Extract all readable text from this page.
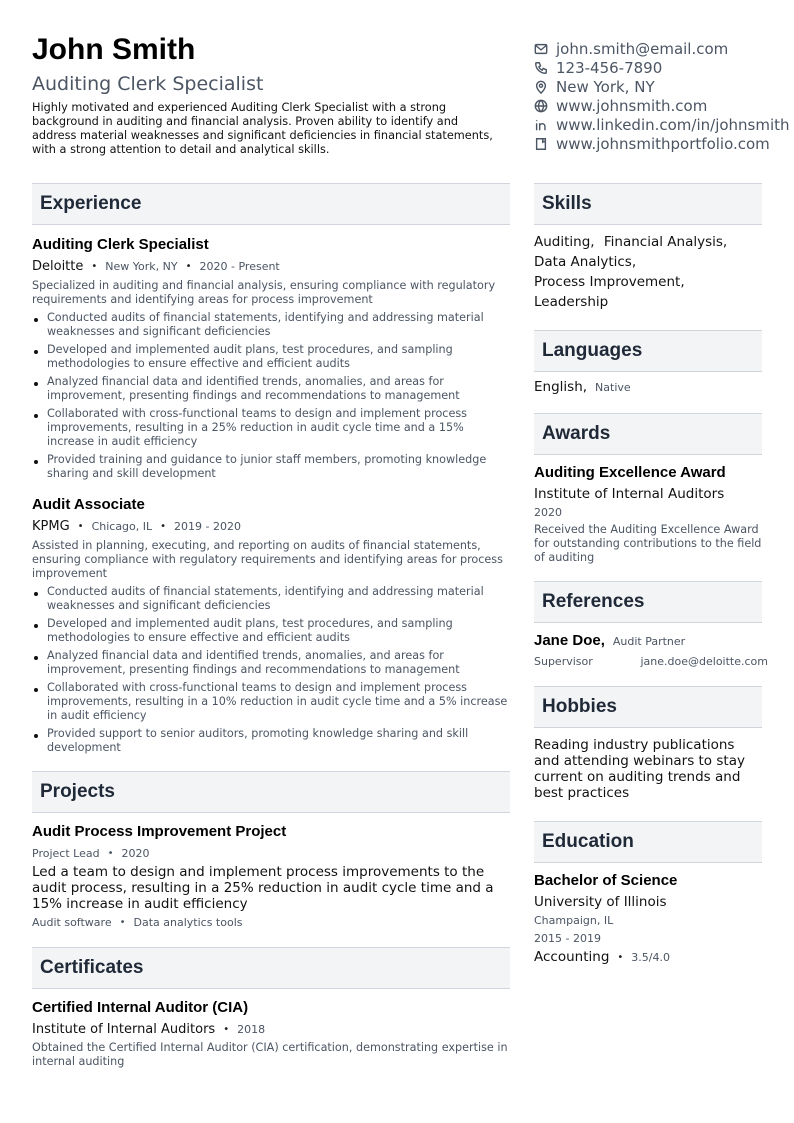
John Smith
Auditing Clerk Specialist
Highly motivated and experienced Auditing Clerk Specialist with a strong background in auditing and financial analysis. Proven ability to identify and address material weaknesses and significant deficiencies in financial statements, with a strong attention to detail and analytical skills.
john.smith@email.com
123-456-7890
New York, NY
www.johnsmith.com
www.linkedin.com/in/johnsmith
www.johnsmithportfolio.com
Experience
Auditing Clerk Specialist
Deloitte • New York, NY • 2020 - Present
Specialized in auditing and financial analysis, ensuring compliance with regulatory requirements and identifying areas for process improvement
Conducted audits of financial statements, identifying and addressing material weaknesses and significant deficiencies
Developed and implemented audit plans, test procedures, and sampling methodologies to ensure effective and efficient audits
Analyzed financial data and identified trends, anomalies, and areas for improvement, presenting findings and recommendations to management
Collaborated with cross-functional teams to design and implement process improvements, resulting in a 25% reduction in audit cycle time and a 15% increase in audit efficiency
Provided training and guidance to junior staff members, promoting knowledge sharing and skill development
Audit Associate
KPMG • Chicago, IL • 2019 - 2020
Assisted in planning, executing, and reporting on audits of financial statements, ensuring compliance with regulatory requirements and identifying areas for process improvement
Conducted audits of financial statements, identifying and addressing material weaknesses and significant deficiencies
Developed and implemented audit plans, test procedures, and sampling methodologies to ensure effective and efficient audits
Analyzed financial data and identified trends, anomalies, and areas for improvement, presenting findings and recommendations to management
Collaborated with cross-functional teams to design and implement process improvements, resulting in a 10% reduction in audit cycle time and a 5% increase in audit efficiency
Provided support to senior auditors, promoting knowledge sharing and skill development
Projects
Audit Process Improvement Project
Project Lead • 2020
Led a team to design and implement process improvements to the audit process, resulting in a 25% reduction in audit cycle time and a 15% increase in audit efficiency
Audit software • Data analytics tools
Certificates
Certified Internal Auditor (CIA)
Institute of Internal Auditors • 2018
Obtained the Certified Internal Auditor (CIA) certification, demonstrating expertise in internal auditing
Skills
Auditing, Financial Analysis,
Data Analytics,
Process Improvement,
Leadership
Languages
English, Native
Awards
Auditing Excellence Award
Institute of Internal Auditors
2020
Received the Auditing Excellence Award for outstanding contributions to the field of auditing
References
Jane Doe, Audit Partner
Supervisor	jane.doe@deloitte.com
Hobbies
Reading industry publications and attending webinars to stay current on auditing trends and best practices
Education
Bachelor of Science
University of Illinois
Champaign, IL
2015 - 2019
Accounting • 3.5/4.0
